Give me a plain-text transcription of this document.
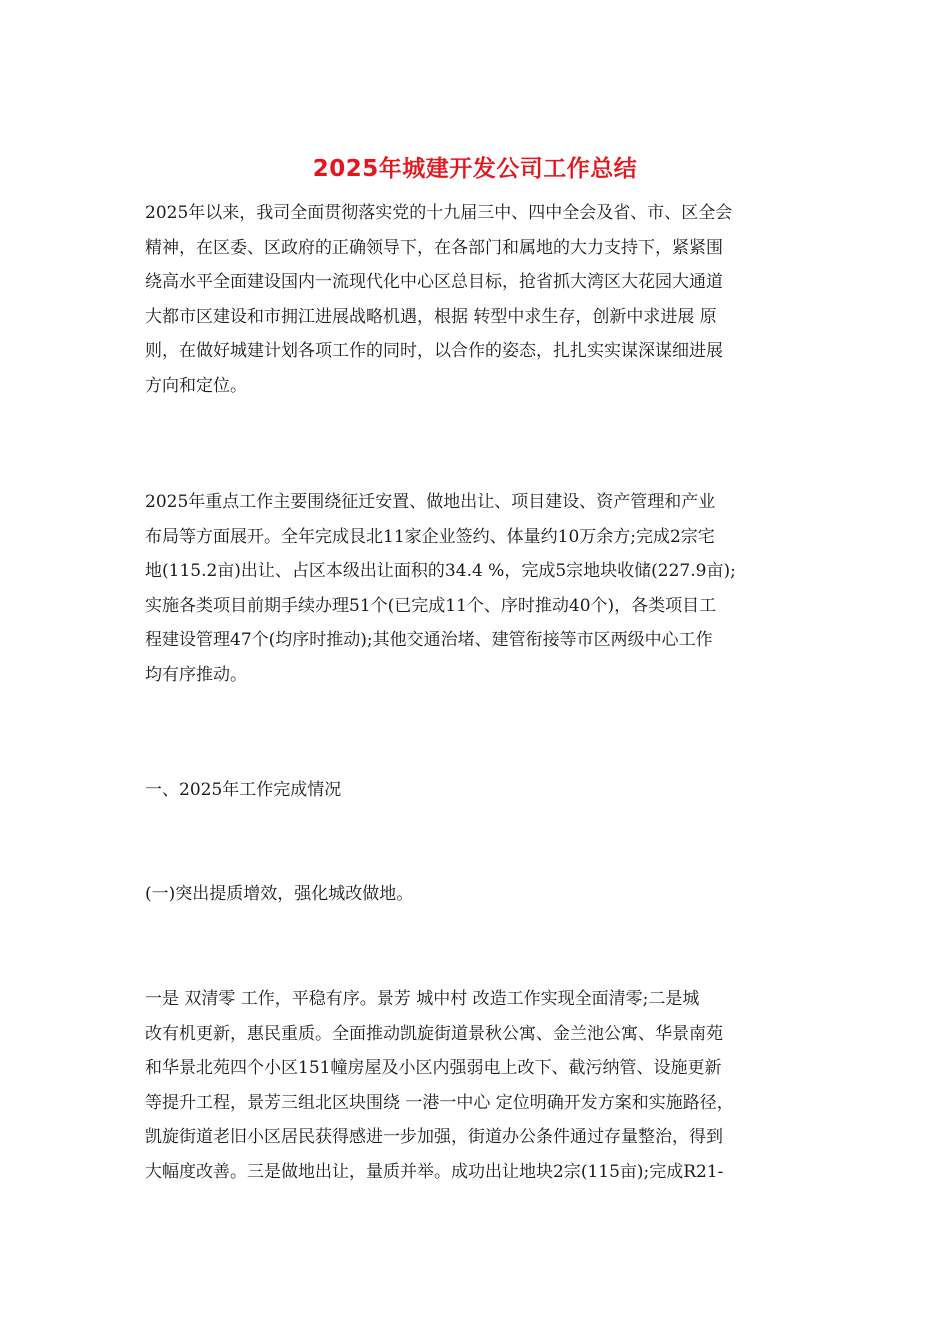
2025年城建开发公司工作总结
2025年以来，我司全面贯彻落实党的十九届三中、四中全会及省、市、区全会
精神，在区委、区政府的正确领导下，在各部门和属地的大力支持下，紧紧围
绕高水平全面建设国内一流现代化中心区总目标，抢省抓大湾区大花园大通道
大都市区建设和市拥江进展战略机遇，根据 转型中求生存，创新中求进展 原
则，在做好城建计划各项工作的同时，以合作的姿态，扎扎实实谋深谋细进展
方向和定位。
2025年重点工作主要围绕征迁安置、做地出让、项目建设、资产管理和产业
布局等方面展开。全年完成艮北11家企业签约、体量约10万余方;完成2宗宅
地(115.2亩)出让、占区本级出让面积的34.4 %，完成5宗地块收储(227.9亩);
实施各类项目前期手续办理51个(已完成11个、序时推动40个)，各类项目工
程建设管理47个(均序时推动);其他交通治堵、建管衔接等市区两级中心工作
均有序推动。
一、2025年工作完成情况
(一)突出提质增效，强化城改做地。
一是 双清零 工作，平稳有序。景芳 城中村 改造工作实现全面清零;二是城
改有机更新，惠民重质。全面推动凯旋街道景秋公寓、金兰池公寓、华景南苑
和华景北苑四个小区151幢房屋及小区内强弱电上改下、截污纳管、设施更新
等提升工程，景芳三组北区块围绕 一港一中心 定位明确开发方案和实施路径，
凯旋街道老旧小区居民获得感进一步加强，街道办公条件通过存量整治，得到
大幅度改善。三是做地出让，量质并举。成功出让地块2宗(115亩);完成R21-
